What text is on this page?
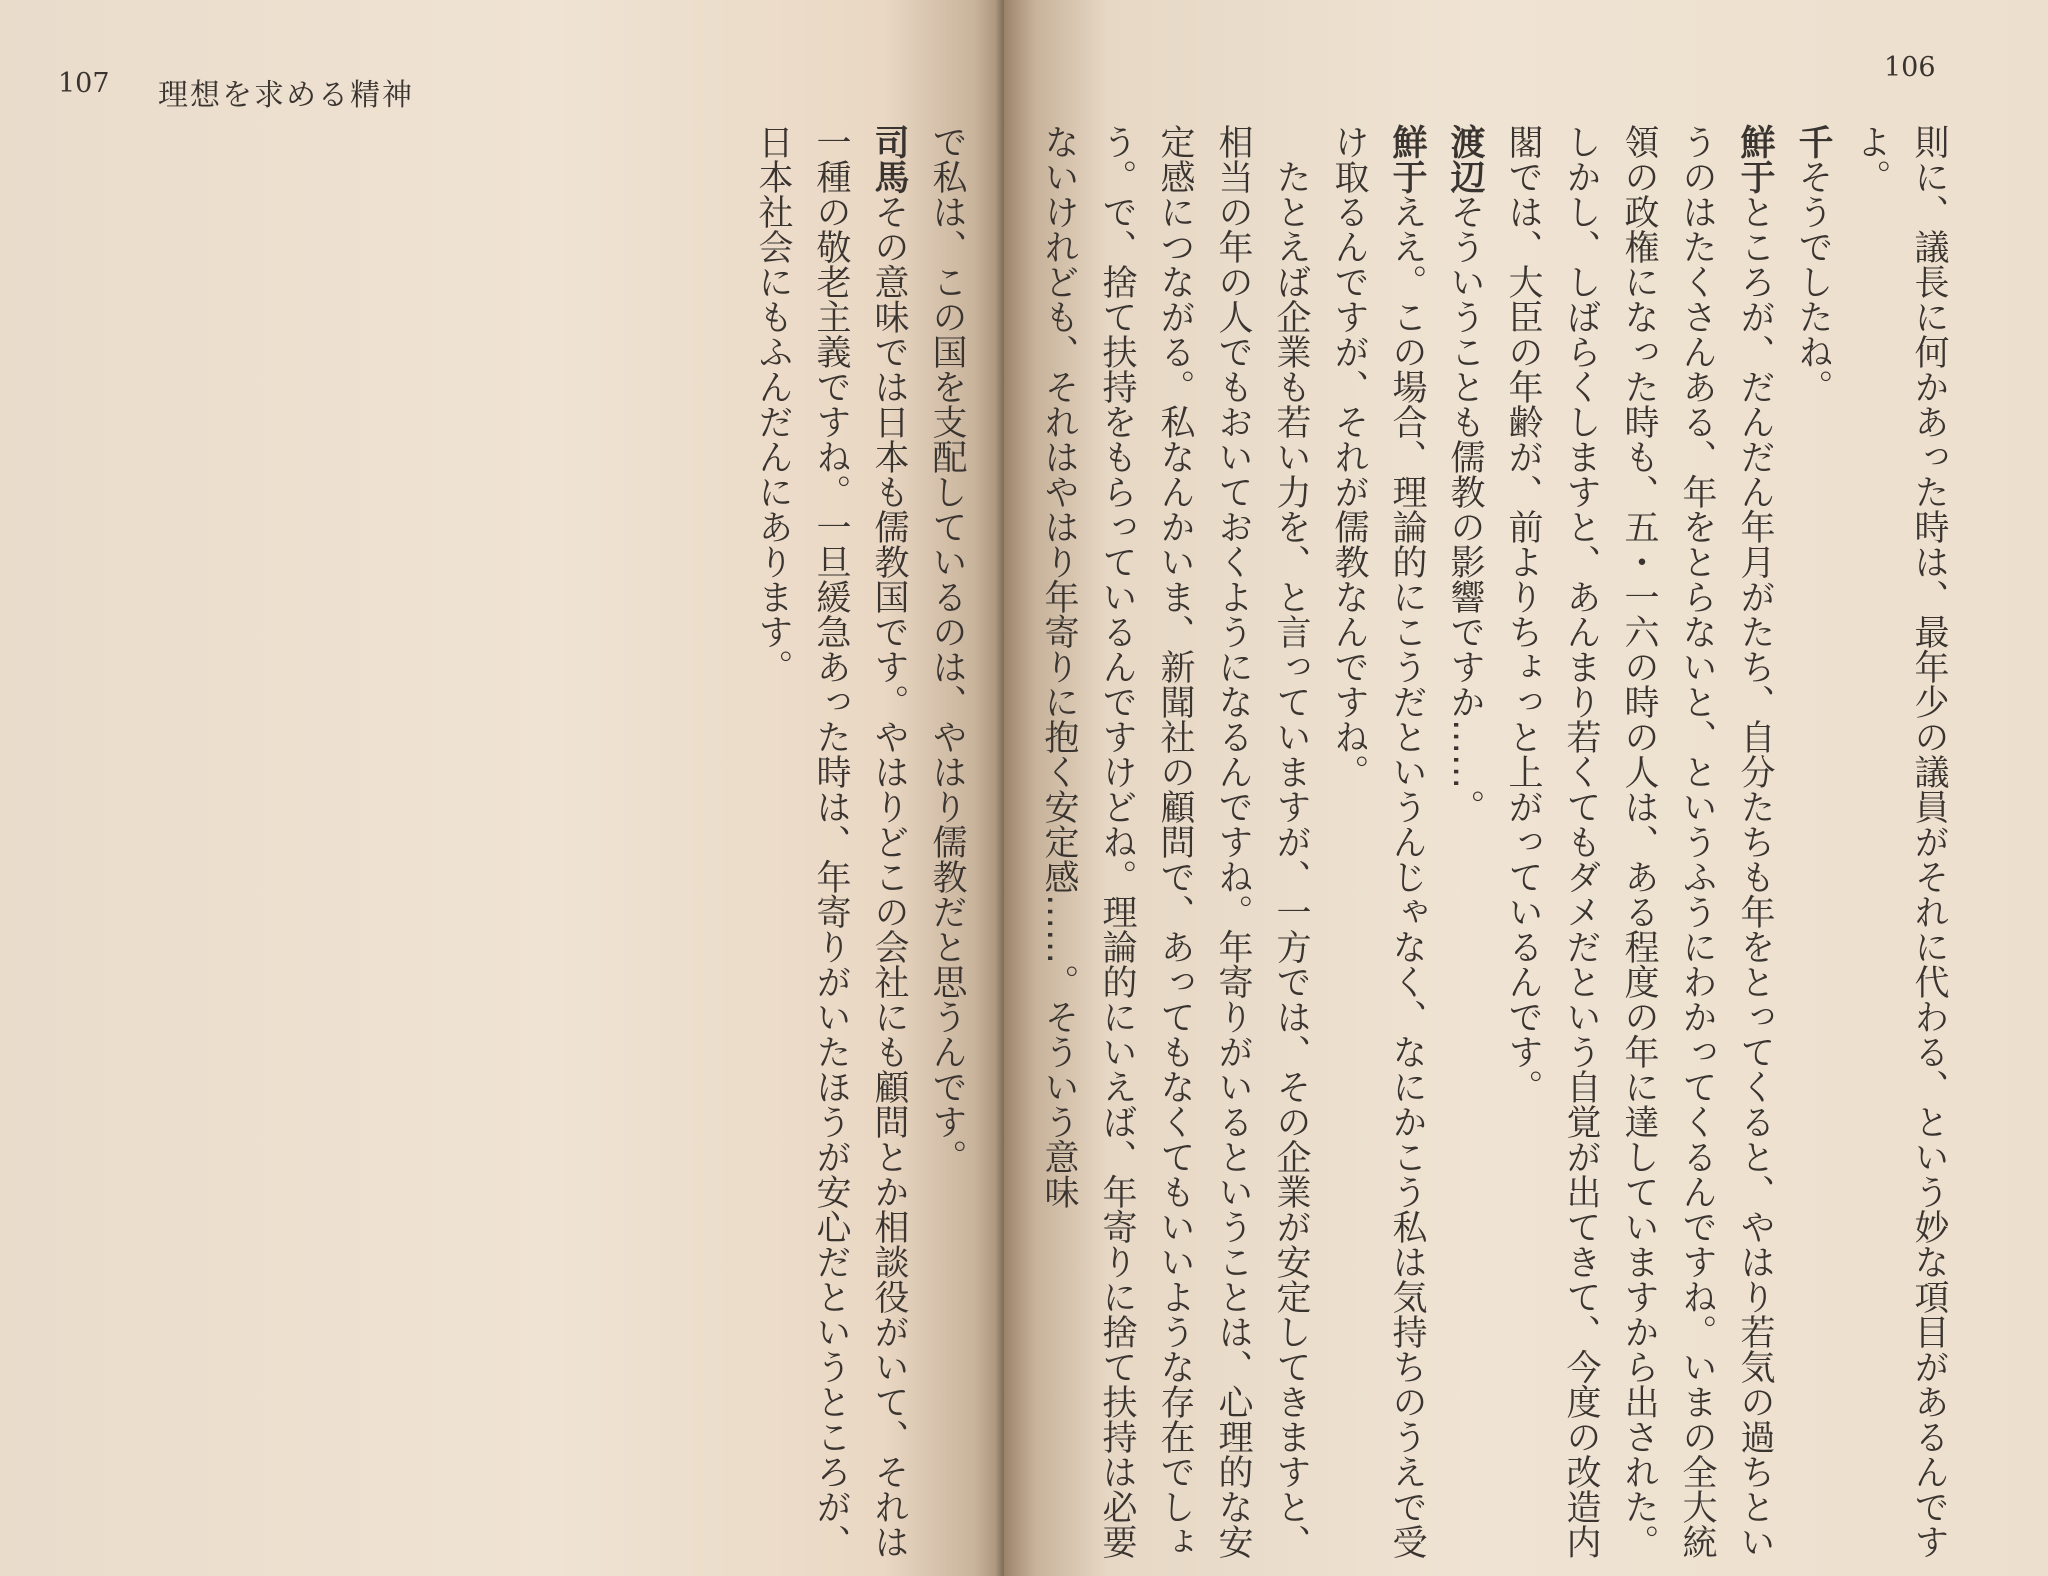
107 理想を求める精神

で私は、この国を支配しているのは、やはり儒教だと思うんです。

司馬その意味では日本も儒教国です。やはりどこの会社にも顧問とか相談役がいて、それは一種の敬老主義ですね。一旦緩急あった時は、年寄りがいたほうが安心だというところが、日本社会にもふんだんにあります。

106

則に、議長に何かあった時は、最年少の議員がそれに代わる、という妙な項目があるんですよ。

千そうでしたね。

鮮于ところが、だんだん年月がたち、自分たちも年をとってくると、やはり若気の過ちというのはたくさんある、年をとらないと、というふうにわかってくるんですね。いまの全大統領の政権になった時も、五・一六の時の人は、ある程度の年に達していますから出された。しかし、しばらくしますと、あんまり若くてもダメだという自覚が出てきて、今度の改造内閣では、大臣の年齢が、前よりちょっと上がっているんです。

渡辺そういうことも儒教の影響ですか……。

鮮于ええ。この場合、理論的にこうだというんじゃなく、なにかこう私は気持ちのうえで受け取るんですが、それが儒教なんですね。

たとえば企業も若い力を、と言っていますが、一方では、その企業が安定してきますと、相当の年の人でもおいておくようになるんですね。年寄りがいるということは、心理的な安定感につながる。私なんかいま、新聞社の顧問で、あってもなくてもいいような存在でしょう。で、捨て扶持をもらっているんですけどね。理論的にいえば、年寄りに捨て扶持は必要ないけれども、それはやはり年寄りに抱く安定感……。そういう意味
